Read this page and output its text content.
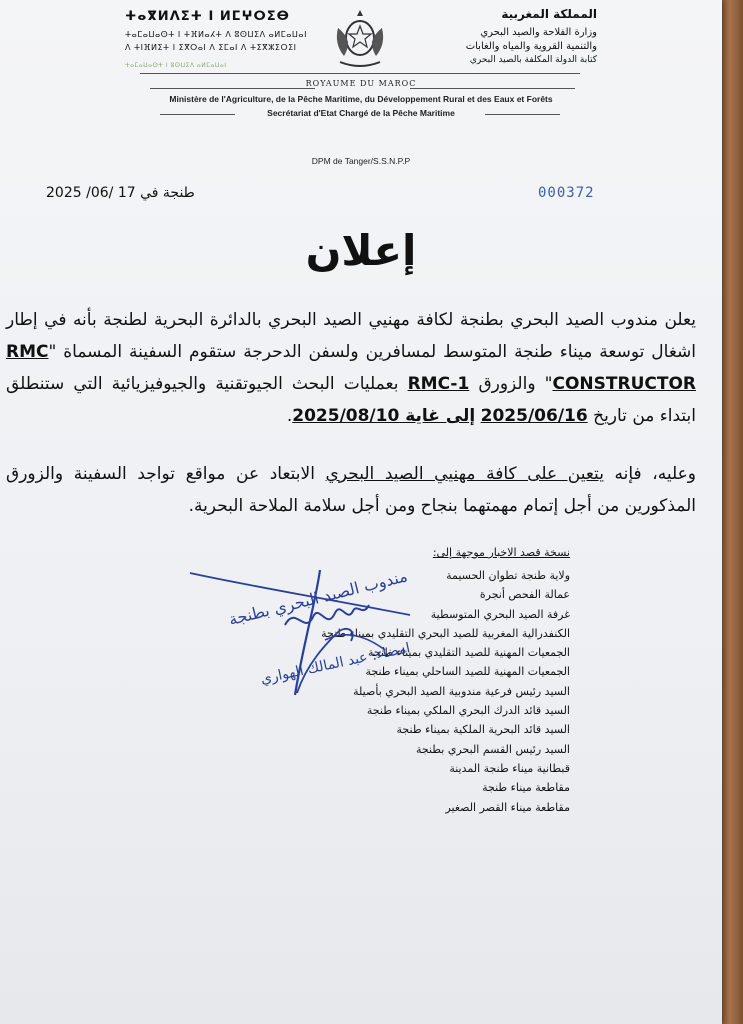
ⵜⴰⴳⵍⴷⵉⵜ ⵏ ⵍⵎⵖⵔⵉⴱ
ⵜⴰⵎⴰⵡⴰⵙⵜ ⵏ ⵜⴼⵍⴰⵃⵜ ⴷ ⵓⵙⵡⵉⴷ ⴰⵍⵎⴰⵡⴰⵏ
ⴷ ⵜⵏⴼⵍⵉⵜ ⵏ ⵉⴳⵔⴰⵏ ⴷ ⵉⵎⴰⵏ ⴷ ⵜⵉⴳⵣⵉⵔⵉⵏ
ⵜⴰⵎⴰⵡⴰⵙⵜ ⵏ ⵓⵙⵡⵉⴷ ⴰⵍⵎⴰⵡⴰⵏ
المملكة المغربية
وزارة الفلاحة والصيد البحري
والتنمية القروية والمياه والغابات
كتابة الدولة المكلفة بالصيد البحري
ROYAUME DU MAROC
Ministère de l'Agriculture, de la Pêche Maritime, du Développement Rural et des Eaux et Forêts
Secrétariat d'Etat Chargé de la Pêche Maritime
DPM de Tanger/S.S.N.P.P
طنجة في 17 /06/ 2025	000372
إعلان
يعلن مندوب الصيد البحري بطنجة لكافة مهنيي الصيد البحري بالدائرة البحرية لطنجة بأنه في إطار اشغال توسعة ميناء طنجة المتوسط لمسافرين ولسفن الدحرجة ستقوم السفينة المسماة "RMC CONSTRUCTOR" والزورق RMC-1 بعمليات البحث الجيوتقنية والجيوفيزيائية التي ستنطلق ابتداء من تاريخ 2025/06/16 إلى غاية 2025/08/10.
وعليه، فإنه يتعين على كافة مهنيي الصيد البحري الابتعاد عن مواقع تواجد السفينة والزورق المذكورين من أجل إتمام مهمتهما بنجاح ومن أجل سلامة الملاحة البحرية.
نسخة قصد الاخبار موجهة إلى:
ولاية طنجة تطوان الحسيمة
عمالة الفحص أنجرة
غرفة الصيد البحري المتوسطية
الكنفدرالية المغربية للصيد البحري التقليدي بميناء طنجة
الجمعيات المهنية للصيد التقليدي بميناء طنجة
الجمعيات المهنية للصيد الساحلي بميناء طنجة
السيد رئيس فرعية مندوبية الصيد البحري بأصيلة
السيد قائد الدرك البحري الملكي بميناء طنجة
السيد قائد البحرية الملكية بميناء طنجة
السيد رئيس القسم البحري بطنجة
قبطانية ميناء طنجة المدينة
مقاطعة ميناء طنجة
مقاطعة ميناء القصر الصغير
مندوب الصيد البحري بطنجة
امضاء: عبد المالك الهواري
